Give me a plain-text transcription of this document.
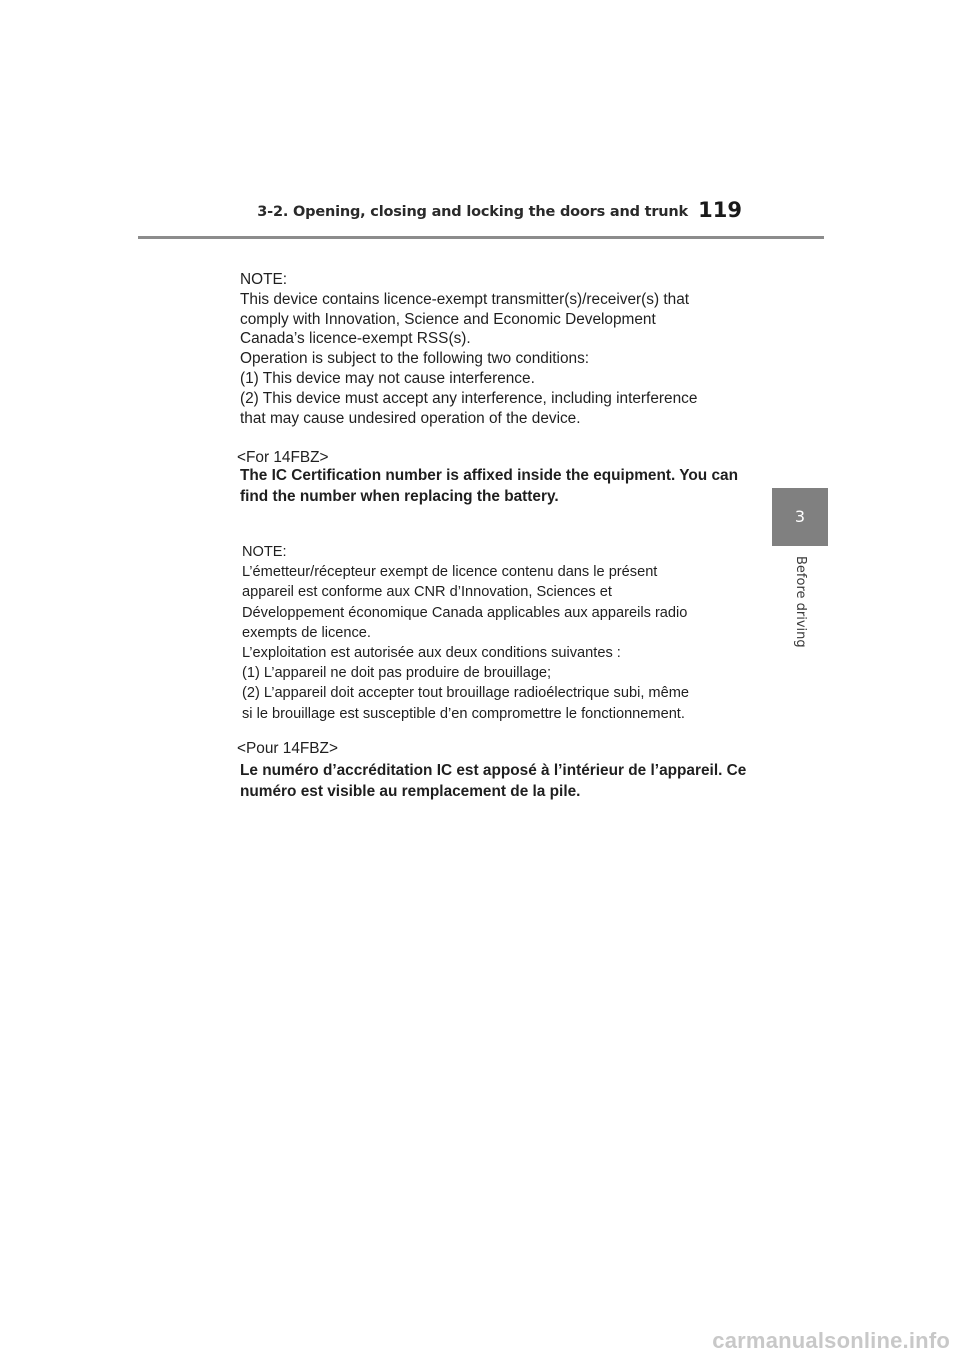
3-2. Opening, closing and locking the doors and trunk 119
3
Before driving

NOTE:

This device contains licence-exempt transmitter(s)/receiver(s) that

comply with Innovation, Science and Economic Development

Canada’s licence-exempt RSS(s).

Operation is subject to the following two conditions:

(1) This device may not cause interference.

(2) This device must accept any interference, including interference

that may cause undesired operation of the device.

<For 14FBZ>

The IC Certification number is affixed inside the equipment. You can

find the number when replacing the battery.

NOTE:

L’émetteur/récepteur exempt de licence contenu dans le présent

appareil est conforme aux CNR d’Innovation, Sciences et

Développement économique Canada applicables aux appareils radio

exempts de licence.

L’exploitation est autorisée aux deux conditions suivantes :

(1) L’appareil ne doit pas produire de brouillage;

(2) L’appareil doit accepter tout brouillage radioélectrique subi, même

si le brouillage est susceptible d’en compromettre le fonctionnement.

<Pour 14FBZ>

Le numéro d’accréditation IC est apposé à l’intérieur de l’appareil. Ce

numéro est visible au remplacement de la pile.

carmanualsonline.info
